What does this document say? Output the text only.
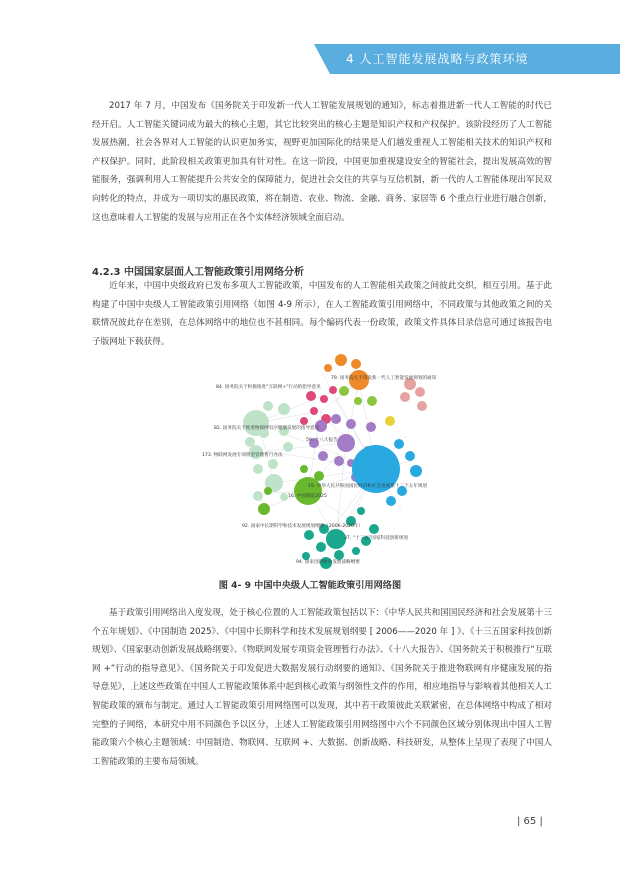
4 人工智能发展战略与政策环境

2017 年 7 月，中国发布《国务院关于印发新一代人工智能发展规划的通知》，标志着推进新一代人工智能的时代已经开启。人工智能关键词成为最大的核心主题，其它比较突出的核心主题是知识产权和产权保护。该阶段经历了人工智能发展热潮，社会各界对人工智能的认识更加务实，视野更加国际化的结果是人们越发重视人工智能相关技术的知识产权和产权保护。同时，此阶段相关政策更加具有针对性。在这一阶段，中国更加重视建设安全的智能社会，提出发展高效的智能服务，强调利用人工智能提升公共安全的保障能力，促进社会交往的共享与互信机制，新一代的人工智能体现出军民双向转化的特点，并成为一项切实的惠民政策，将在制造、农业、物流、金融、商务、家居等 6 个重点行业进行融合创新，这也意味着人工智能的发展与应用正在各个实体经济领域全面启动。

4.2.3 中国国家层面人工智能政策引用网络分析

近年来，中国中央级政府已发布多项人工智能政策，中国发布的人工智能相关政策之间彼此交织，相互引用。基于此构建了中国中央级人工智能政策引用网络（如图 4-9 所示），在人工智能政策引用网络中，不同政策与其他政策之间的关联情况彼此存在差别，在总体网络中的地位也不甚相同。每个编码代表一份政策，政策文件具体目录信息可通过该报告电子版网址下载获得。

79. 国务院关于印发新一代人工智能发展规划的通知
84. 国务院关于积极推进“互联网+”行动的指导意见
82. 国务院关于推进物联网有序健康发展的指导意见
59. 十八大报告
173. 物联网发展专项资金管理暂行办法
19. 中华人民共和国国民经济和社会发展第十三个五年规划
16. 中国制造2025
92. 国家中长期科学和技术发展规划纲要（2006-2020年）
37. “十三五”国家科技创新规划
94. 国家创新驱动发展战略纲要

图 4- 9 中国中央级人工智能政策引用网络图

基于政策引用网络出入度发现，处于核心位置的人工智能政策包括以下：《中华人民共和国国民经济和社会发展第十三个五年规划》、《中国制造 2025》、《中国中长期科学和技术发展规划纲要 [ 2006——2020 年 ] 》、《十三五国家科技创新规划》、《国家驱动创新发展战略纲要》、《物联网发展专项资金管理暂行办法》、《十八大报告》、《国务院关于积极推行“互联网 +”行动的指导意见》、《国务院关于印发促进大数据发展行动纲要的通知》、《国务院关于推进物联网有序健康发展的指导意见》，上述这些政策在中国人工智能政策体系中起到核心政策与纲领性文件的作用，相应地指导与影响着其他相关人工智能政策的颁布与制定。通过人工智能政策引用网络图可以发现，其中若干政策彼此关联紧密，在总体网络中构成了相对完整的子网络，本研究中用不同颜色予以区分，上述人工智能政策引用网络图中六个不同颜色区域分别体现出中国人工智能政策六个核心主题领域：中国制造、物联网、互联网 +、大数据、创新战略、科技研发，从整体上呈现了表现了中国人工智能政策的主要布局领域。

| 65 |
